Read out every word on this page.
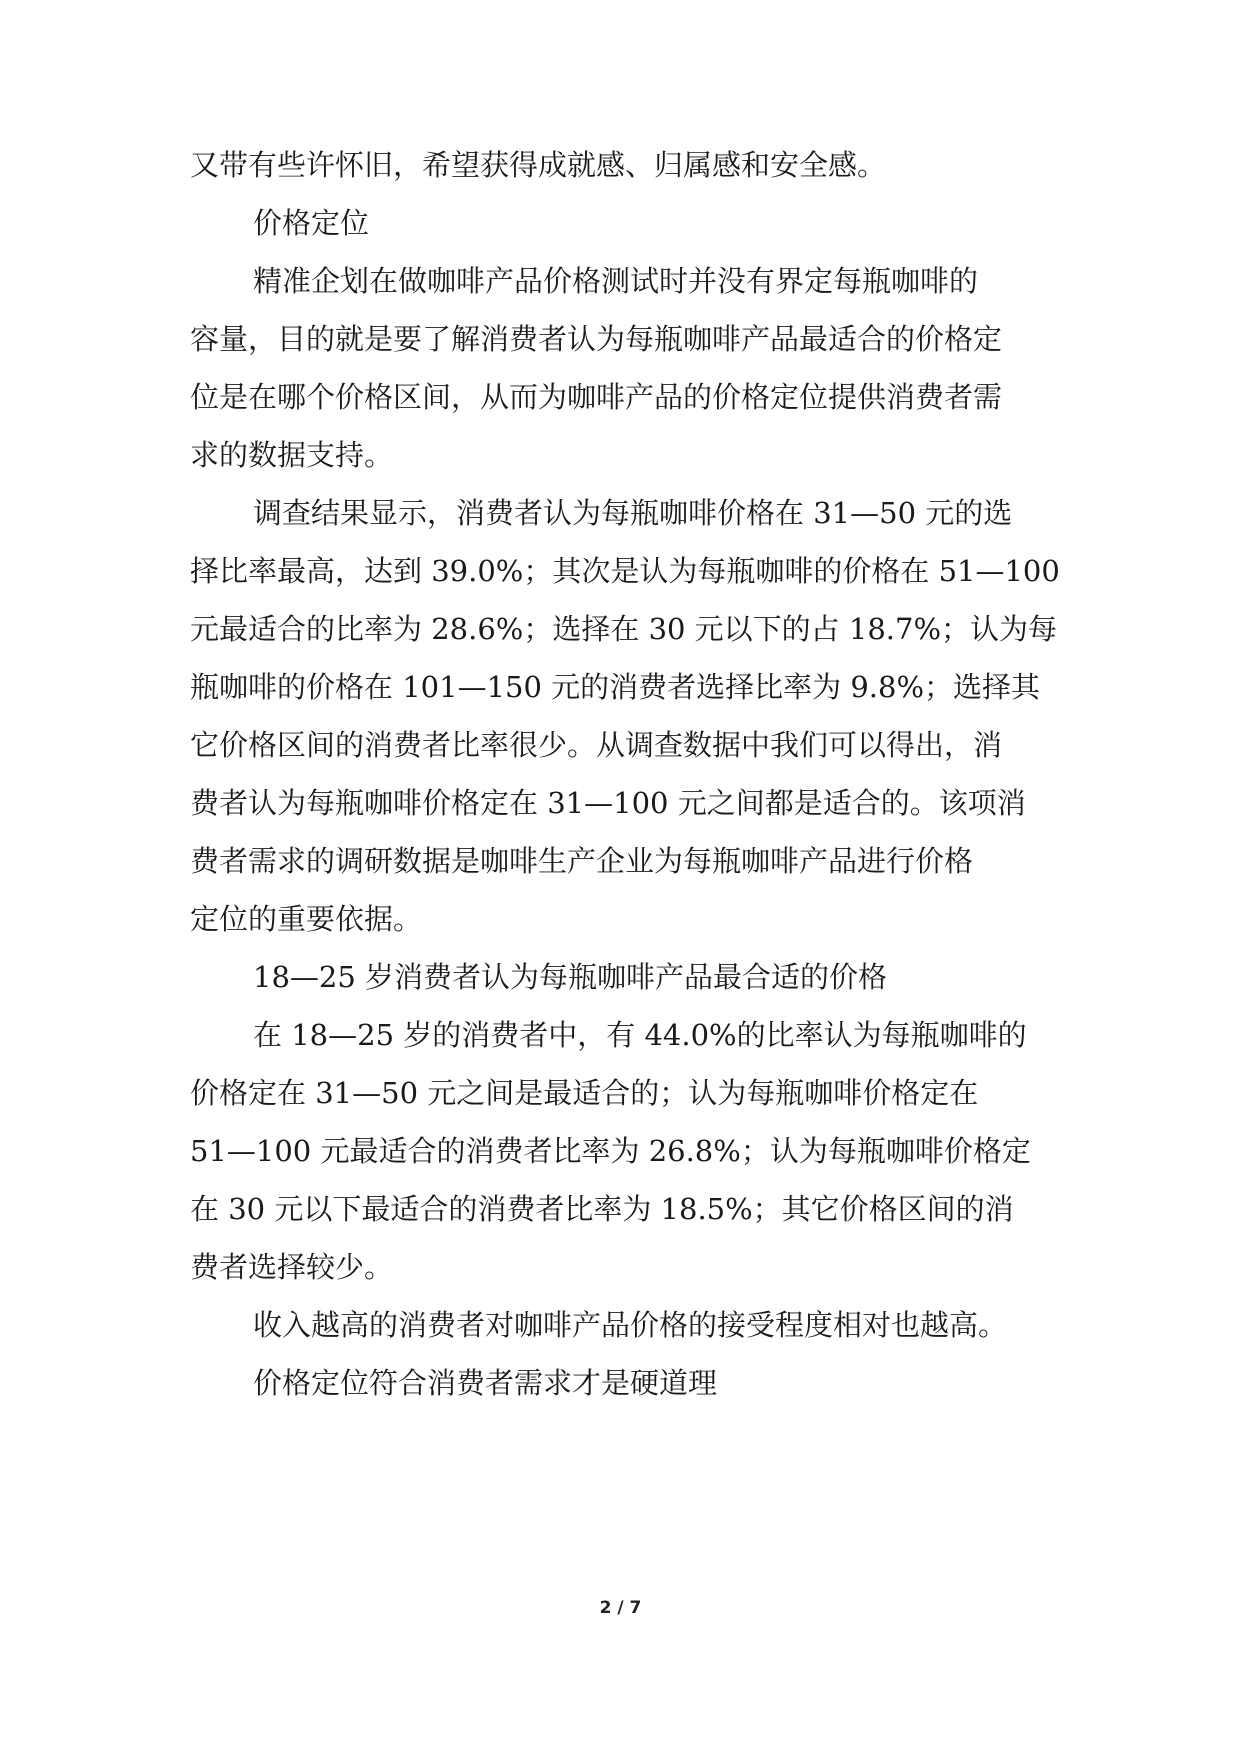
又带有些许怀旧，希望获得成就感、归属感和安全感。
价格定位
精准企划在做咖啡产品价格测试时并没有界定每瓶咖啡的
容量，目的就是要了解消费者认为每瓶咖啡产品最适合的价格定
位是在哪个价格区间，从而为咖啡产品的价格定位提供消费者需
求的数据支持。
调查结果显示，消费者认为每瓶咖啡价格在 31—50 元的选
择比率最高，达到 39.0%；其次是认为每瓶咖啡的价格在 51—100
元最适合的比率为 28.6%；选择在 30 元以下的占 18.7%；认为每
瓶咖啡的价格在 101—150 元的消费者选择比率为 9.8%；选择其
它价格区间的消费者比率很少。从调查数据中我们可以得出，消
费者认为每瓶咖啡价格定在 31—100 元之间都是适合的。该项消
费者需求的调研数据是咖啡生产企业为每瓶咖啡产品进行价格
定位的重要依据。
18—25 岁消费者认为每瓶咖啡产品最合适的价格
在 18—25 岁的消费者中，有 44.0%的比率认为每瓶咖啡的
价格定在 31—50 元之间是最适合的；认为每瓶咖啡价格定在
51—100 元最适合的消费者比率为 26.8%；认为每瓶咖啡价格定
在 30 元以下最适合的消费者比率为 18.5%；其它价格区间的消
费者选择较少。
收入越高的消费者对咖啡产品价格的接受程度相对也越高。
价格定位符合消费者需求才是硬道理
2 / 7
